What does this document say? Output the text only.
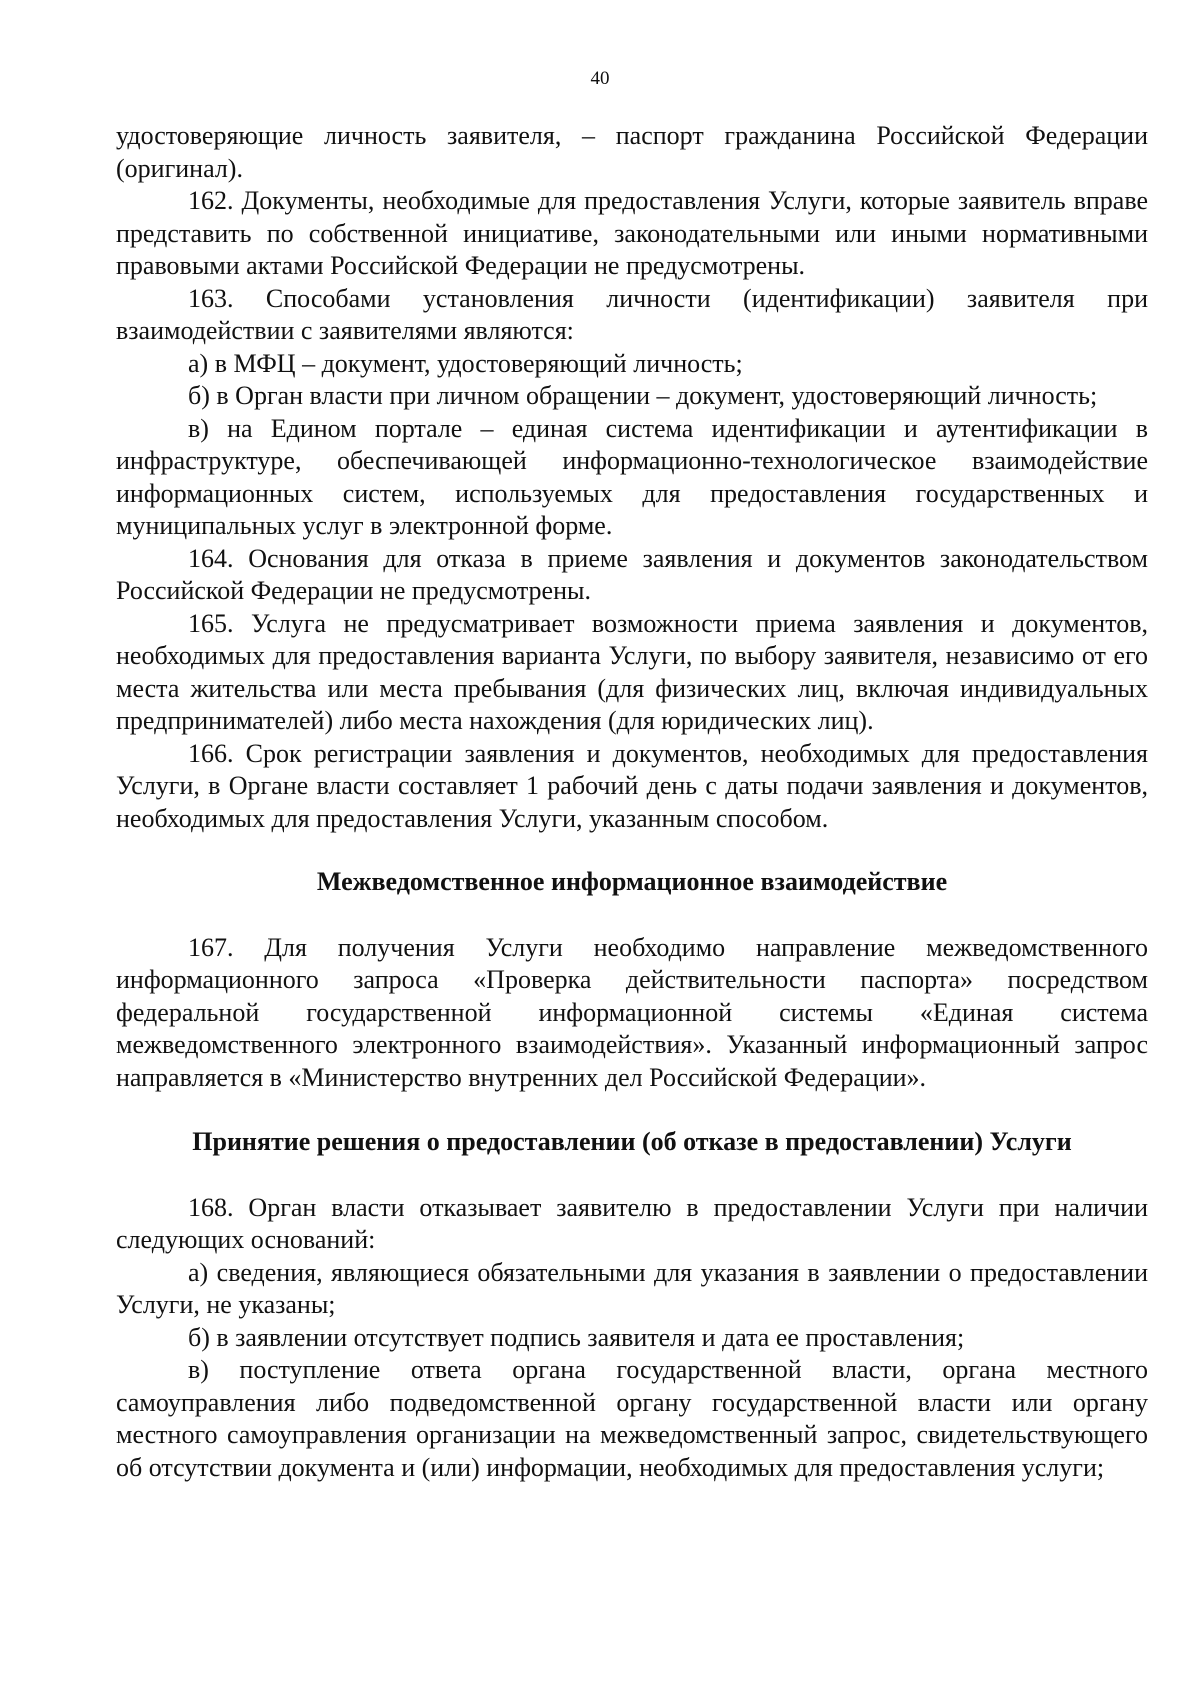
40

удостоверяющие личность заявителя, – паспорт гражданина Российской Федерации (оригинал).

162. Документы, необходимые для предоставления Услуги, которые заявитель вправе представить по собственной инициативе, законодательными или иными нормативными правовыми актами Российской Федерации не предусмотрены.

163. Способами установления личности (идентификации) заявителя при взаимодействии с заявителями являются:

а) в МФЦ – документ, удостоверяющий личность;

б) в Орган власти при личном обращении – документ, удостоверяющий личность;

в) на Едином портале – единая система идентификации и аутентификации в инфраструктуре, обеспечивающей информационно-технологическое взаимодействие информационных систем, используемых для предоставления государственных и муниципальных услуг в электронной форме.

164. Основания для отказа в приеме заявления и документов законодательством Российской Федерации не предусмотрены.

165. Услуга не предусматривает возможности приема заявления и документов, необходимых для предоставления варианта Услуги, по выбору заявителя, независимо от его места жительства или места пребывания (для физических лиц, включая индивидуальных предпринимателей) либо места нахождения (для юридических лиц).

166. Срок регистрации заявления и документов, необходимых для предоставления Услуги, в Органе власти составляет 1 рабочий день с даты подачи заявления и документов, необходимых для предоставления Услуги, указанным способом.

Межведомственное информационное взаимодействие

167. Для получения Услуги необходимо направление межведомственного информационного запроса «Проверка действительности паспорта» посредством федеральной государственной информационной системы «Единая система межведомственного электронного взаимодействия». Указанный информационный запрос направляется в «Министерство внутренних дел Российской Федерации».

Принятие решения о предоставлении (об отказе в предоставлении) Услуги

168. Орган власти отказывает заявителю в предоставлении Услуги при наличии следующих оснований:

а) сведения, являющиеся обязательными для указания в заявлении о предоставлении Услуги, не указаны;

б) в заявлении отсутствует подпись заявителя и дата ее проставления;

в) поступление ответа органа государственной власти, органа местного самоуправления либо подведомственной органу государственной власти или органу местного самоуправления организации на межведомственный запрос, свидетельствующего об отсутствии документа и (или) информации, необходимых для предоставления услуги;
